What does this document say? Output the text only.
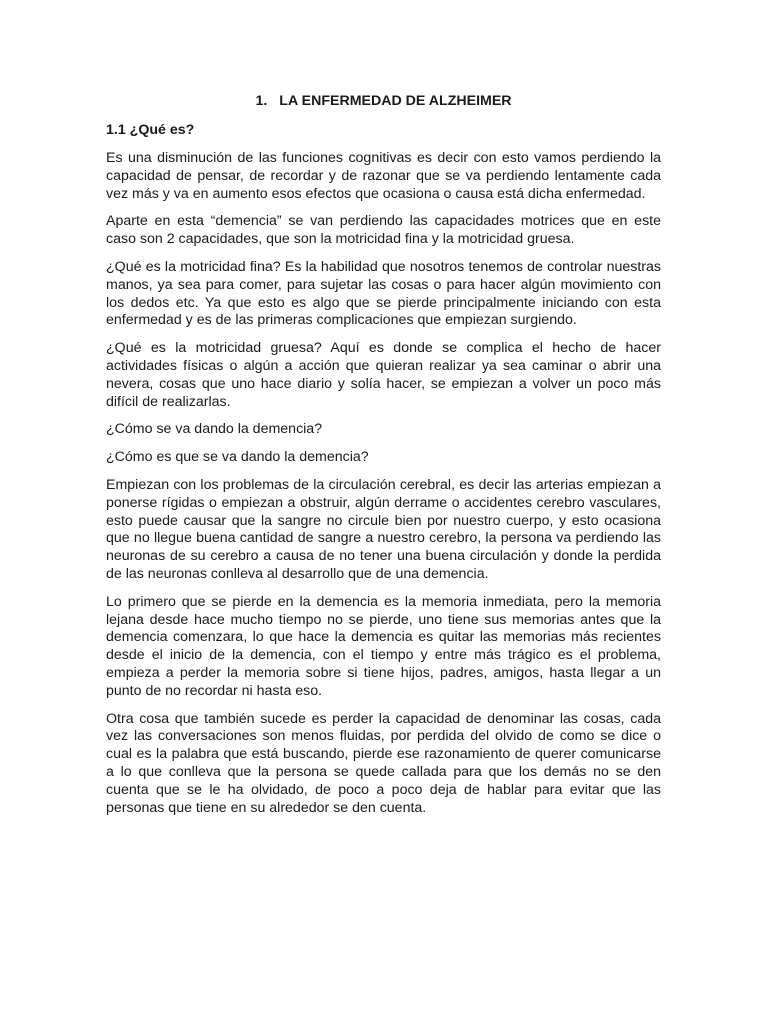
1. LA ENFERMEDAD DE ALZHEIMER
1.1 ¿Qué es?

Es una disminución de las funciones cognitivas es decir con esto vamos perdiendo la capacidad de pensar, de recordar y de razonar que se va perdiendo lentamente cada vez más y va en aumento esos efectos que ocasiona o causa está dicha enfermedad.

Aparte en esta “demencia” se van perdiendo las capacidades motrices que en este caso son 2 capacidades, que son la motricidad fina y la motricidad gruesa.

¿Qué es la motricidad fina? Es la habilidad que nosotros tenemos de controlar nuestras manos, ya sea para comer, para sujetar las cosas o para hacer algún movimiento con los dedos etc. Ya que esto es algo que se pierde principalmente iniciando con esta enfermedad y es de las primeras complicaciones que empiezan surgiendo.

¿Qué es la motricidad gruesa? Aquí es donde se complica el hecho de hacer actividades físicas o algún a acción que quieran realizar ya sea caminar o abrir una nevera, cosas que uno hace diario y solía hacer, se empiezan a volver un poco más difícil de realizarlas.

¿Cómo se va dando la demencia?

¿Cómo es que se va dando la demencia?

Empiezan con los problemas de la circulación cerebral, es decir las arterias empiezan a ponerse rígidas o empiezan a obstruir, algún derrame o accidentes cerebro vasculares, esto puede causar que la sangre no circule bien por nuestro cuerpo, y esto ocasiona que no llegue buena cantidad de sangre a nuestro cerebro, la persona va perdiendo las neuronas de su cerebro a causa de no tener una buena circulación y donde la perdida de las neuronas conlleva al desarrollo que de una demencia.

Lo primero que se pierde en la demencia es la memoria inmediata, pero la memoria lejana desde hace mucho tiempo no se pierde, uno tiene sus memorias antes que la demencia comenzara, lo que hace la demencia es quitar las memorias más recientes desde el inicio de la demencia, con el tiempo y entre más trágico es el problema, empieza a perder la memoria sobre si tiene hijos, padres, amigos, hasta llegar a un punto de no recordar ni hasta eso.

Otra cosa que también sucede es perder la capacidad de denominar las cosas, cada vez las conversaciones son menos fluidas, por perdida del olvido de como se dice o cual es la palabra que está buscando, pierde ese razonamiento de querer comunicarse a lo que conlleva que la persona se quede callada para que los demás no se den cuenta que se le ha olvidado, de poco a poco deja de hablar para evitar que las personas que tiene en su alrededor se den cuenta.
